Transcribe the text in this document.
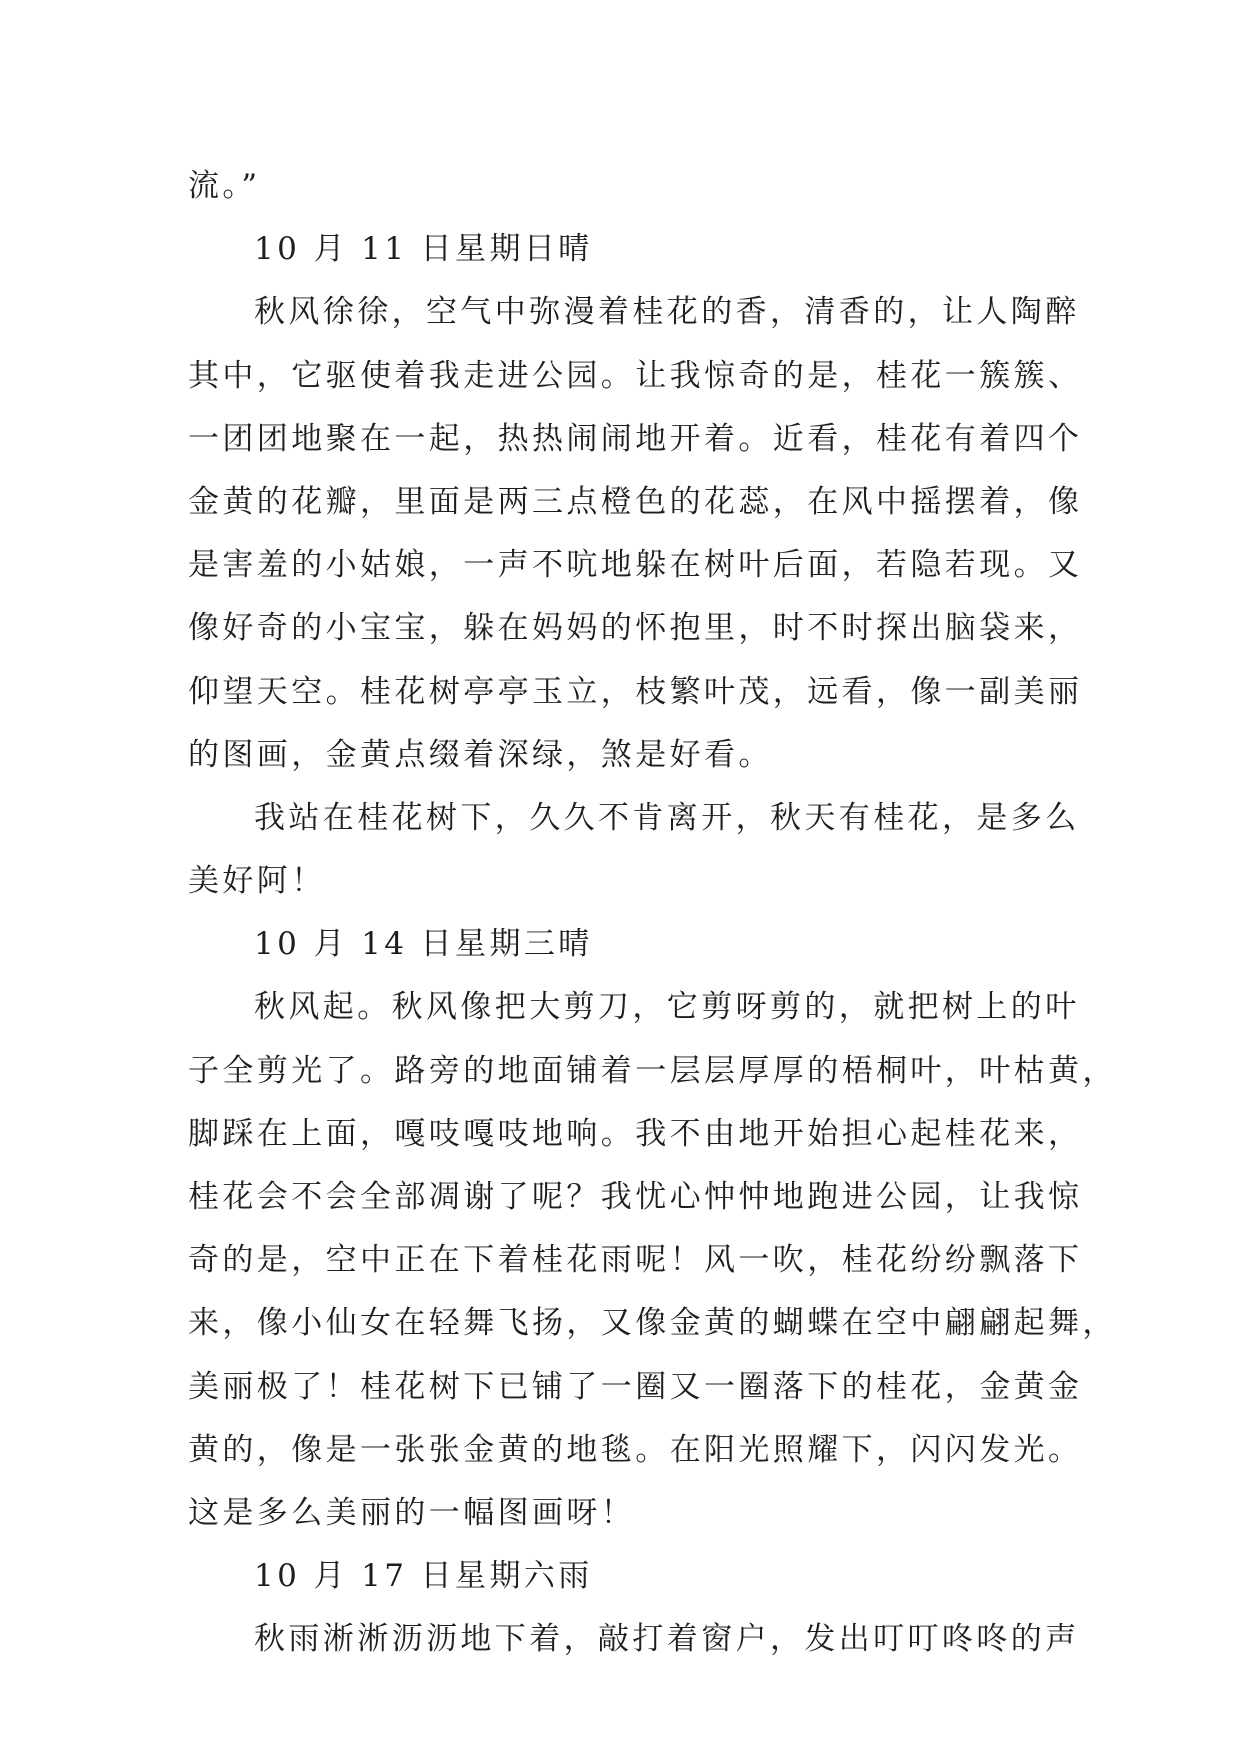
流。”
10 月 11 日星期日晴
秋风徐徐，空气中弥漫着桂花的香，清香的，让人陶醉
其中，它驱使着我走进公园。让我惊奇的是，桂花一簇簇、
一团团地聚在一起，热热闹闹地开着。近看，桂花有着四个
金黄的花瓣，里面是两三点橙色的花蕊，在风中摇摆着，像
是害羞的小姑娘，一声不吭地躲在树叶后面，若隐若现。又
像好奇的小宝宝，躲在妈妈的怀抱里，时不时探出脑袋来，
仰望天空。桂花树亭亭玉立，枝繁叶茂，远看，像一副美丽
的图画，金黄点缀着深绿，煞是好看。
我站在桂花树下，久久不肯离开，秋天有桂花，是多么
美好阿！
10 月 14 日星期三晴
秋风起。秋风像把大剪刀，它剪呀剪的，就把树上的叶
子全剪光了。路旁的地面铺着一层层厚厚的梧桐叶，叶枯黄，
脚踩在上面，嘎吱嘎吱地响。我不由地开始担心起桂花来，
桂花会不会全部凋谢了呢？我忧心忡忡地跑进公园，让我惊
奇的是，空中正在下着桂花雨呢！风一吹，桂花纷纷飘落下
来，像小仙女在轻舞飞扬，又像金黄的蝴蝶在空中翩翩起舞，
美丽极了！桂花树下已铺了一圈又一圈落下的桂花，金黄金
黄的，像是一张张金黄的地毯。在阳光照耀下，闪闪发光。
这是多么美丽的一幅图画呀！
10 月 17 日星期六雨
秋雨淅淅沥沥地下着，敲打着窗户，发出叮叮咚咚的声
